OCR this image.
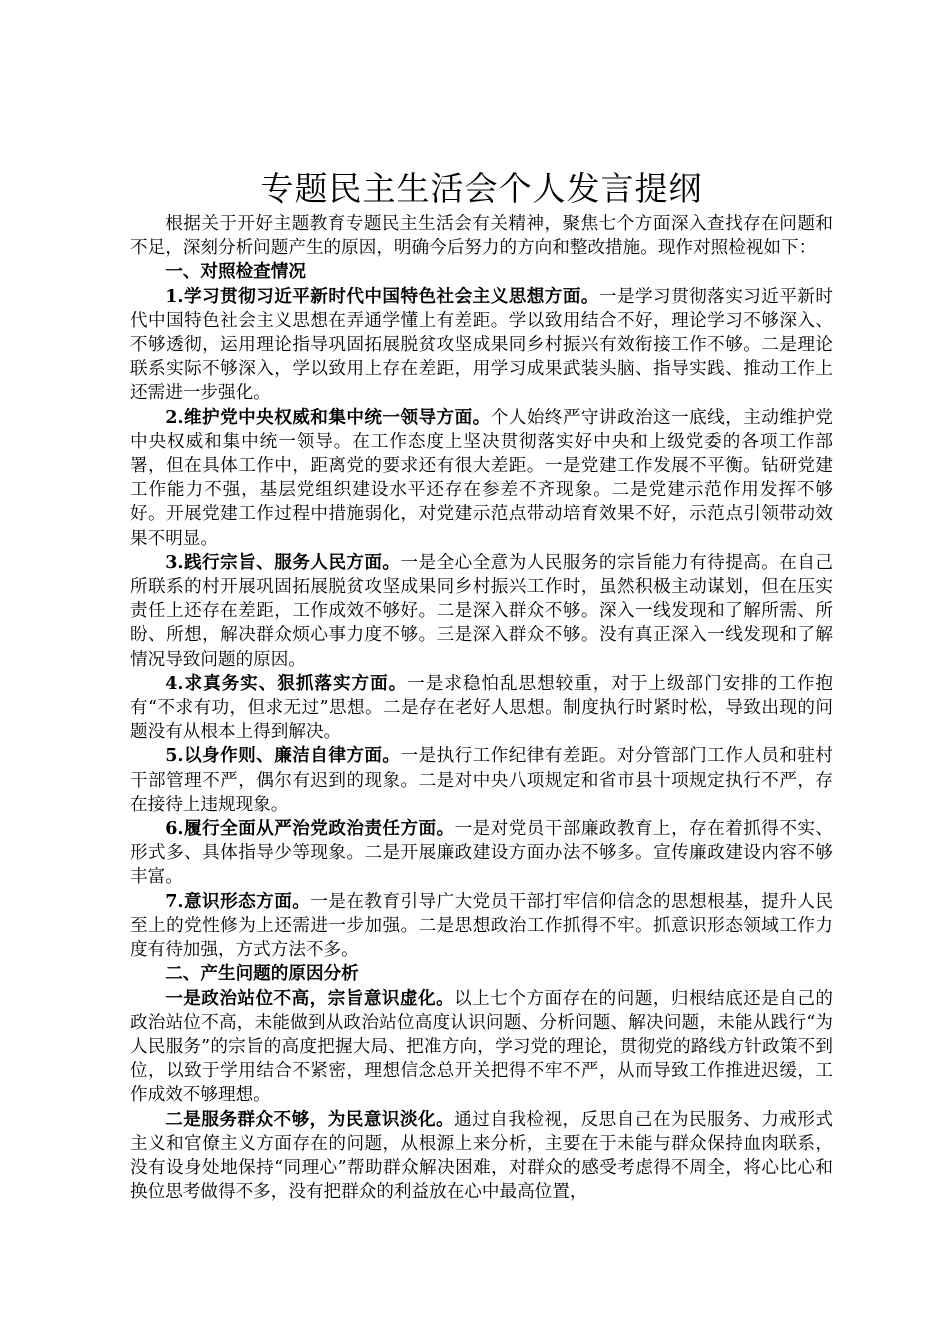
专题民主生活会个人发言提纲

根据关于开好主题教育专题民主生活会有关精神，聚焦七个方面深入查找存在问题和不足，深刻分析问题产生的原因，明确今后努力的方向和整改措施。现作对照检视如下：

一、对照检查情况

1.学习贯彻习近平新时代中国特色社会主义思想方面。一是学习贯彻落实习近平新时代中国特色社会主义思想在弄通学懂上有差距。学以致用结合不好，理论学习不够深入、不够透彻，运用理论指导巩固拓展脱贫攻坚成果同乡村振兴有效衔接工作不够。二是理论联系实际不够深入，学以致用上存在差距，用学习成果武装头脑、指导实践、推动工作上还需进一步强化。

2.维护党中央权威和集中统一领导方面。个人始终严守讲政治这一底线，主动维护党中央权威和集中统一领导。在工作态度上坚决贯彻落实好中央和上级党委的各项工作部署，但在具体工作中，距离党的要求还有很大差距。一是党建工作发展不平衡。钻研党建工作能力不强，基层党组织建设水平还存在参差不齐现象。二是党建示范作用发挥不够好。开展党建工作过程中措施弱化，对党建示范点带动培育效果不好，示范点引领带动效果不明显。

3.践行宗旨、服务人民方面。一是全心全意为人民服务的宗旨能力有待提高。在自己所联系的村开展巩固拓展脱贫攻坚成果同乡村振兴工作时，虽然积极主动谋划，但在压实责任上还存在差距，工作成效不够好。二是深入群众不够。深入一线发现和了解所需、所盼、所想，解决群众烦心事力度不够。三是深入群众不够。没有真正深入一线发现和了解情况导致问题的原因。

4.求真务实、狠抓落实方面。一是求稳怕乱思想较重，对于上级部门安排的工作抱有“不求有功，但求无过”思想。二是存在老好人思想。制度执行时紧时松，导致出现的问题没有从根本上得到解决。

5.以身作则、廉洁自律方面。一是执行工作纪律有差距。对分管部门工作人员和驻村干部管理不严，偶尔有迟到的现象。二是对中央八项规定和省市县十项规定执行不严，存在接待上违规现象。

6.履行全面从严治党政治责任方面。一是对党员干部廉政教育上，存在着抓得不实、形式多、具体指导少等现象。二是开展廉政建设方面办法不够多。宣传廉政建设内容不够丰富。

7.意识形态方面。一是在教育引导广大党员干部打牢信仰信念的思想根基，提升人民至上的党性修为上还需进一步加强。二是思想政治工作抓得不牢。抓意识形态领域工作力度有待加强，方式方法不多。

二、产生问题的原因分析

一是政治站位不高，宗旨意识虚化。以上七个方面存在的问题，归根结底还是自己的政治站位不高，未能做到从政治站位高度认识问题、分析问题、解决问题，未能从践行“为人民服务”的宗旨的高度把握大局、把准方向，学习党的理论，贯彻党的路线方针政策不到位，以致于学用结合不紧密，理想信念总开关把得不牢不严，从而导致工作推进迟缓，工作成效不够理想。

二是服务群众不够，为民意识淡化。通过自我检视，反思自己在为民服务、力戒形式主义和官僚主义方面存在的问题，从根源上来分析，主要在于未能与群众保持血肉联系，没有设身处地保持“同理心”帮助群众解决困难，对群众的感受考虑得不周全，将心比心和换位思考做得不多，没有把群众的利益放在心中最高位置，
